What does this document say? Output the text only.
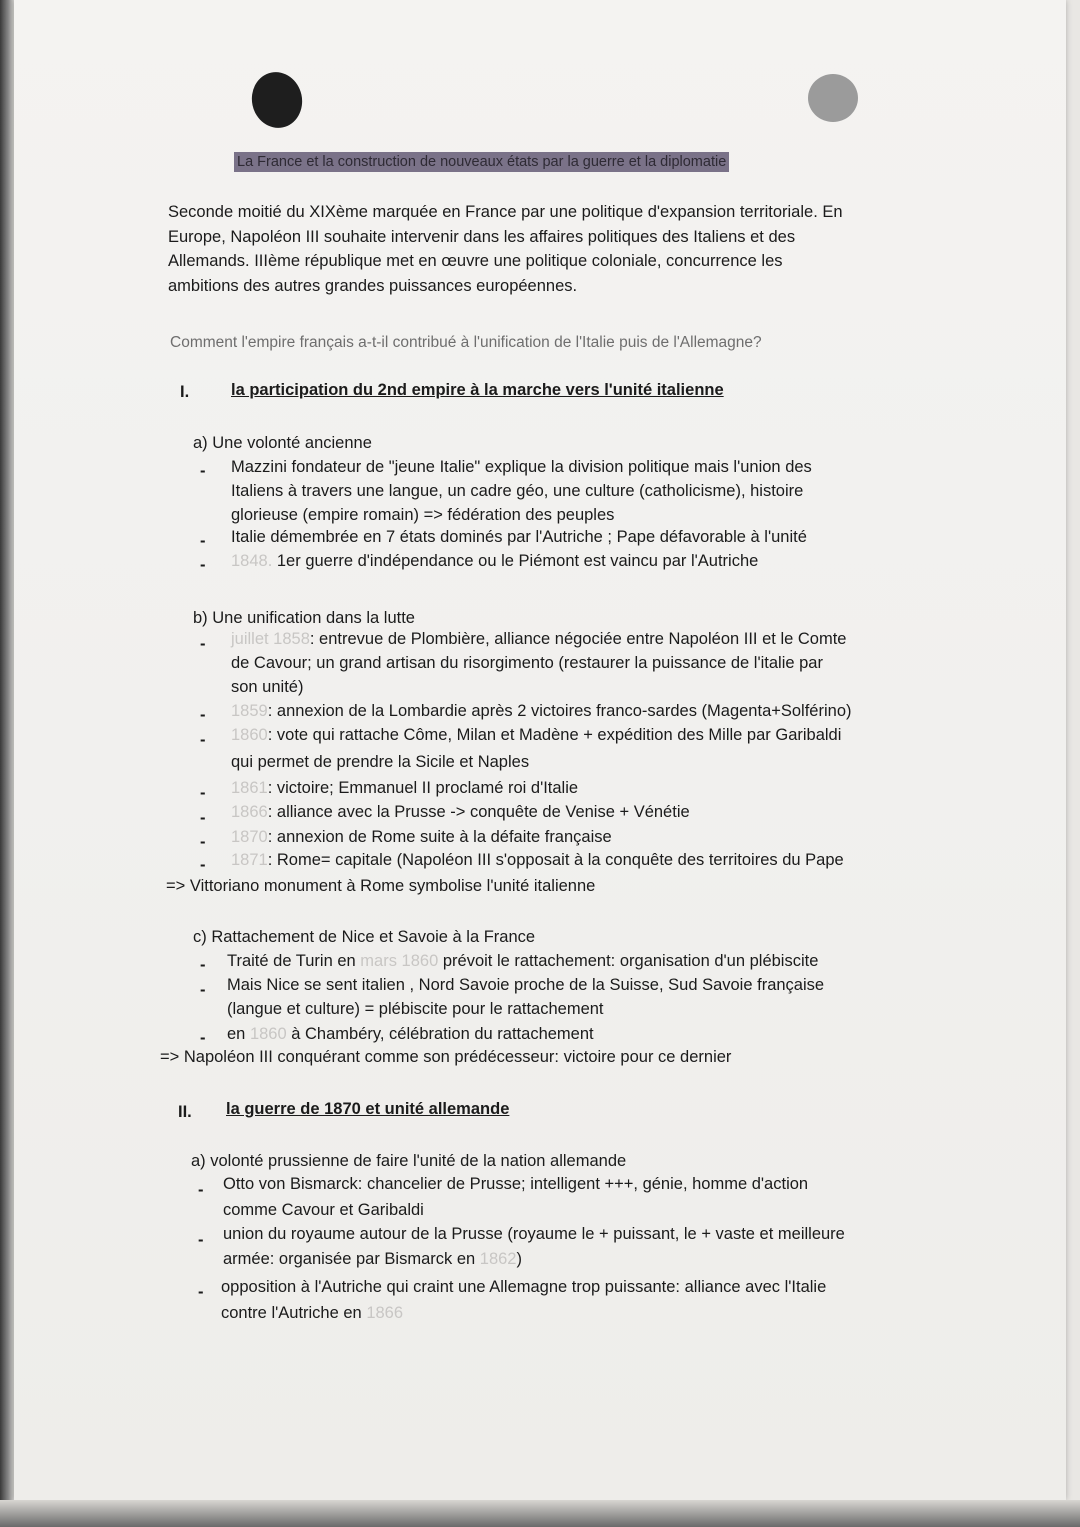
La France et la construction de nouveaux états par la guerre et la diplomatie
Seconde moitié du XIXème marquée en France par une politique d'expansion territoriale. En
Europe, Napoléon III souhaite intervenir dans les affaires politiques des Italiens et des
Allemands. IIIème république met en œuvre une politique coloniale, concurrence les
ambitions des autres grandes puissances européennes.
Comment l'empire français a-t-il contribué à l'unification de l'Italie puis de l'Allemagne?
I.	la participation du 2nd empire à la marche vers l'unité italienne
a) Une volonté ancienne
- Mazzini fondateur de "jeune Italie" explique la division politique mais l'union des
Italiens à travers une langue, un cadre géo, une culture (catholicisme), histoire
glorieuse (empire romain) => fédération des peuples
- Italie démembrée en 7 états dominés par l'Autriche ; Pape défavorable à l'unité
- 1848. 1er guerre d'indépendance ou le Piémont est vaincu par l'Autriche
b) Une unification dans la lutte
- juillet 1858: entrevue de Plombière, alliance négociée entre Napoléon III et le Comte
de Cavour; un grand artisan du risorgimento (restaurer la puissance de l'italie par
son unité)
- 1859: annexion de la Lombardie après 2 victoires franco-sardes (Magenta+Solférino)
- 1860: vote qui rattache Côme, Milan et Madène + expédition des Mille par Garibaldi
qui permet de prendre la Sicile et Naples
- 1861: victoire; Emmanuel II proclamé roi d'Italie
- 1866: alliance avec la Prusse -> conquête de Venise + Vénétie
- 1870: annexion de Rome suite à la défaite française
- 1871: Rome= capitale (Napoléon III s'opposait à la conquête des territoires du Pape
=> Vittoriano monument à Rome symbolise l'unité italienne
c) Rattachement de Nice et Savoie à la France
- Traité de Turin en mars 1860 prévoit le rattachement: organisation d'un plébiscite
- Mais Nice se sent italien , Nord Savoie proche de la Suisse, Sud Savoie française
(langue et culture) = plébiscite pour le rattachement
- en 1860 à Chambéry, célébration du rattachement
=> Napoléon III conquérant comme son prédécesseur: victoire pour ce dernier
II. la guerre de 1870 et unité allemande
a) volonté prussienne de faire l'unité de la nation allemande
- Otto von Bismarck: chancelier de Prusse; intelligent +++, génie, homme d'action
comme Cavour et Garibaldi
- union du royaume autour de la Prusse (royaume le + puissant, le + vaste et meilleure
armée: organisée par Bismarck en 1862)
- opposition à l'Autriche qui craint une Allemagne trop puissante: alliance avec l'Italie
contre l'Autriche en 1866
